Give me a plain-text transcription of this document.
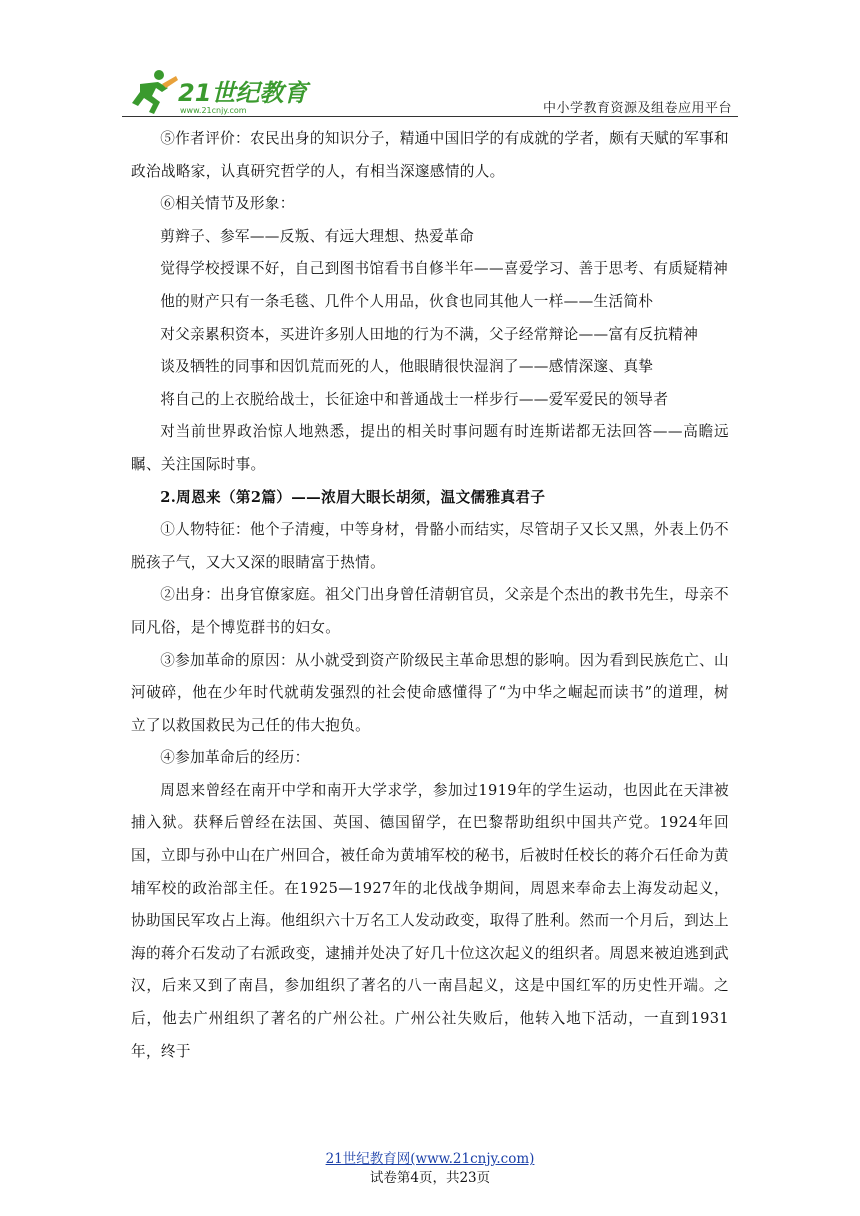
21世纪教育
www.21cnjy.com	中小学教育资源及组卷应用平台

⑤作者评价：农民出身的知识分子，精通中国旧学的有成就的学者，颇有天赋的军事和政治战略家，认真研究哲学的人，有相当深邃感情的人。

⑥相关情节及形象：

剪辫子、参军——反叛、有远大理想、热爱革命

觉得学校授课不好，自己到图书馆看书自修半年——喜爱学习、善于思考、有质疑精神

他的财产只有一条毛毯、几件个人用品，伙食也同其他人一样——生活简朴

对父亲累积资本，买进许多别人田地的行为不满，父子经常辩论——富有反抗精神

谈及牺牲的同事和因饥荒而死的人，他眼睛很快湿润了——感情深邃、真挚

将自己的上衣脱给战士，长征途中和普通战士一样步行——爱军爱民的领导者

对当前世界政治惊人地熟悉，提出的相关时事问题有时连斯诺都无法回答——高瞻远瞩、关注国际时事。

2.周恩来（第2篇）——浓眉大眼长胡须，温文儒雅真君子

①人物特征：他个子清瘦，中等身材，骨骼小而结实，尽管胡子又长又黑，外表上仍不脱孩子气，又大又深的眼睛富于热情。

②出身：出身官僚家庭。祖父门出身曾任清朝官员，父亲是个杰出的教书先生，母亲不同凡俗，是个博览群书的妇女。

③参加革命的原因：从小就受到资产阶级民主革命思想的影响。因为看到民族危亡、山河破碎，他在少年时代就萌发强烈的社会使命感懂得了“为中华之崛起而读书”的道理，树立了以救国救民为己任的伟大抱负。

④参加革命后的经历：

周恩来曾经在南开中学和南开大学求学，参加过1919年的学生运动，也因此在天津被捕入狱。获释后曾经在法国、英国、德国留学，在巴黎帮助组织中国共产党。1924年回国，立即与孙中山在广州回合，被任命为黄埔军校的秘书，后被时任校长的蒋介石任命为黄埔军校的政治部主任。在1925—1927年的北伐战争期间，周恩来奉命去上海发动起义，协助国民军攻占上海。他组织六十万名工人发动政变，取得了胜利。然而一个月后，到达上海的蒋介石发动了右派政变，逮捕并处决了好几十位这次起义的组织者。周恩来被迫逃到武汉，后来又到了南昌，参加组织了著名的八一南昌起义，这是中国红军的历史性开端。之后，他去广州组织了著名的广州公社。广州公社失败后，他转入地下活动，一直到1931年，终于

21世纪教育网(www.21cnjy.com)
试卷第4页，共23页
